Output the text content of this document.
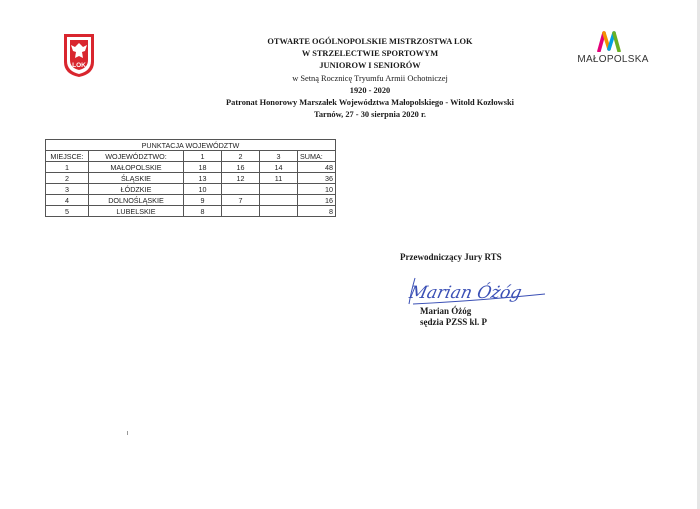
LOK
MAŁOPOLSKA
OTWARTE OGÓLNOPOLSKIE MISTRZOSTWA LOK
W STRZELECTWIE SPORTOWYM
JUNIOROW I SENIORÓW
w Setną Rocznicę Tryumfu Armii Ochotniczej
1920 - 2020
Patronat Honorowy Marszałek Województwa Małopolskiego - Witold Kozłowski
Tarnów, 27 - 30 sierpnia 2020 r.
PUNKTACJA WOJEWÓDZTW					
MIEJSCE:	WOJEWÓDZTWO:	1	2	3	SUMA:
1	MAŁOPOLSKIE	18	16	14	48
2	ŚLĄSKIE	13	12	11	36
3	ŁÓDZKIE	10			10
4	DOLNOŚLĄSKIE	9	7		16
5	LUBELSKIE	8			8
Przewodniczący Jury RTS
Marian Óżóg
Marian Óżóg
sędzia PZSS kl. P
